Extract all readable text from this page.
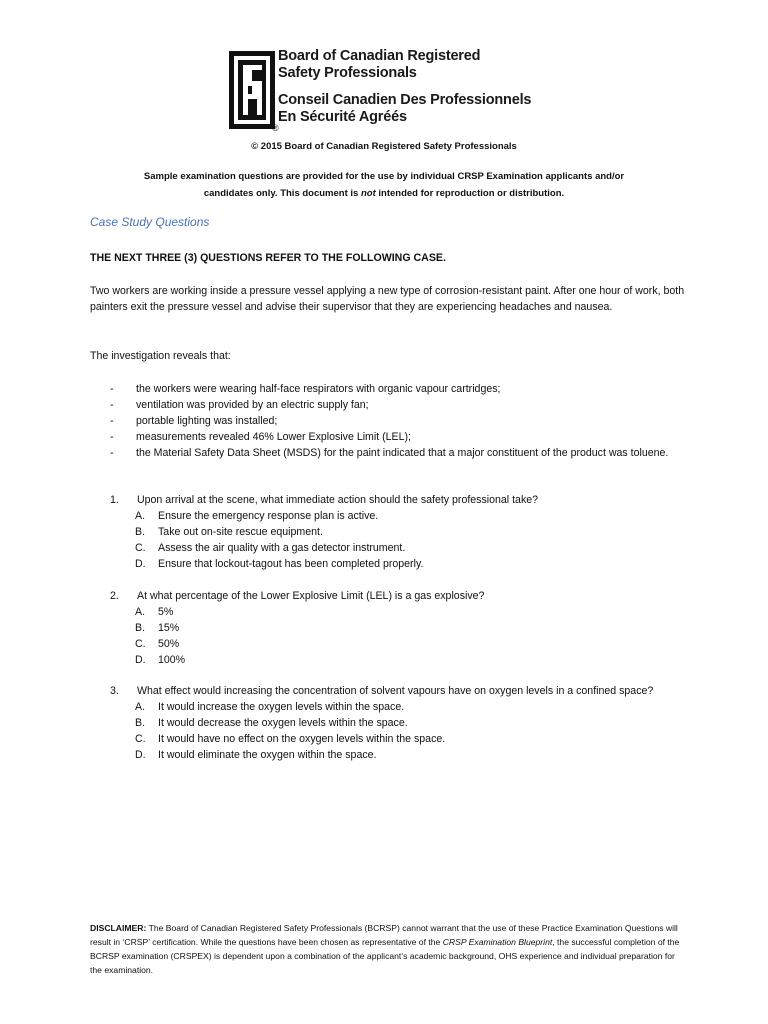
®
Board of Canadian Registered
Safety Professionals
Conseil Canadien Des Professionnels
En Sécurité Agréés
© 2015 Board of Canadian Registered Safety Professionals
Sample examination questions are provided for the use by individual CRSP Examination applicants and/or
candidates only. This document is not intended for reproduction or distribution.
Case Study Questions
THE NEXT THREE (3) QUESTIONS REFER TO THE FOLLOWING CASE.
Two workers are working inside a pressure vessel applying a new type of corrosion-resistant paint. After one hour of work, both painters exit the pressure vessel and advise their supervisor that they are experiencing headaches and nausea.
The investigation reveals that:
- the workers were wearing half-face respirators with organic vapour cartridges;
- ventilation was provided by an electric supply fan;
- portable lighting was installed;
- measurements revealed 46% Lower Explosive Limit (LEL);
- the Material Safety Data Sheet (MSDS) for the paint indicated that a major constituent of the product was toluene.
1.	Upon arrival at the scene, what immediate action should the safety professional take?
A. Ensure the emergency response plan is active.
B. Take out on-site rescue equipment.
C. Assess the air quality with a gas detector instrument.
D. Ensure that lockout-tagout has been completed properly.
2.	At what percentage of the Lower Explosive Limit (LEL) is a gas explosive?
A. 5%
B. 15%
C. 50%
D. 100%
3.	What effect would increasing the concentration of solvent vapours have on oxygen levels in a confined space?
A. It would increase the oxygen levels within the space.
B. It would decrease the oxygen levels within the space.
C. It would have no effect on the oxygen levels within the space.
D. It would eliminate the oxygen within the space.
DISCLAIMER: The Board of Canadian Registered Safety Professionals (BCRSP) cannot warrant that the use of these Practice Examination Questions will result in ‘CRSP’ certification. While the questions have been chosen as representative of the CRSP Examination Blueprint, the successful completion of the BCRSP examination (CRSPEX) is dependent upon a combination of the applicant’s academic background, OHS experience and individual preparation for the examination.
